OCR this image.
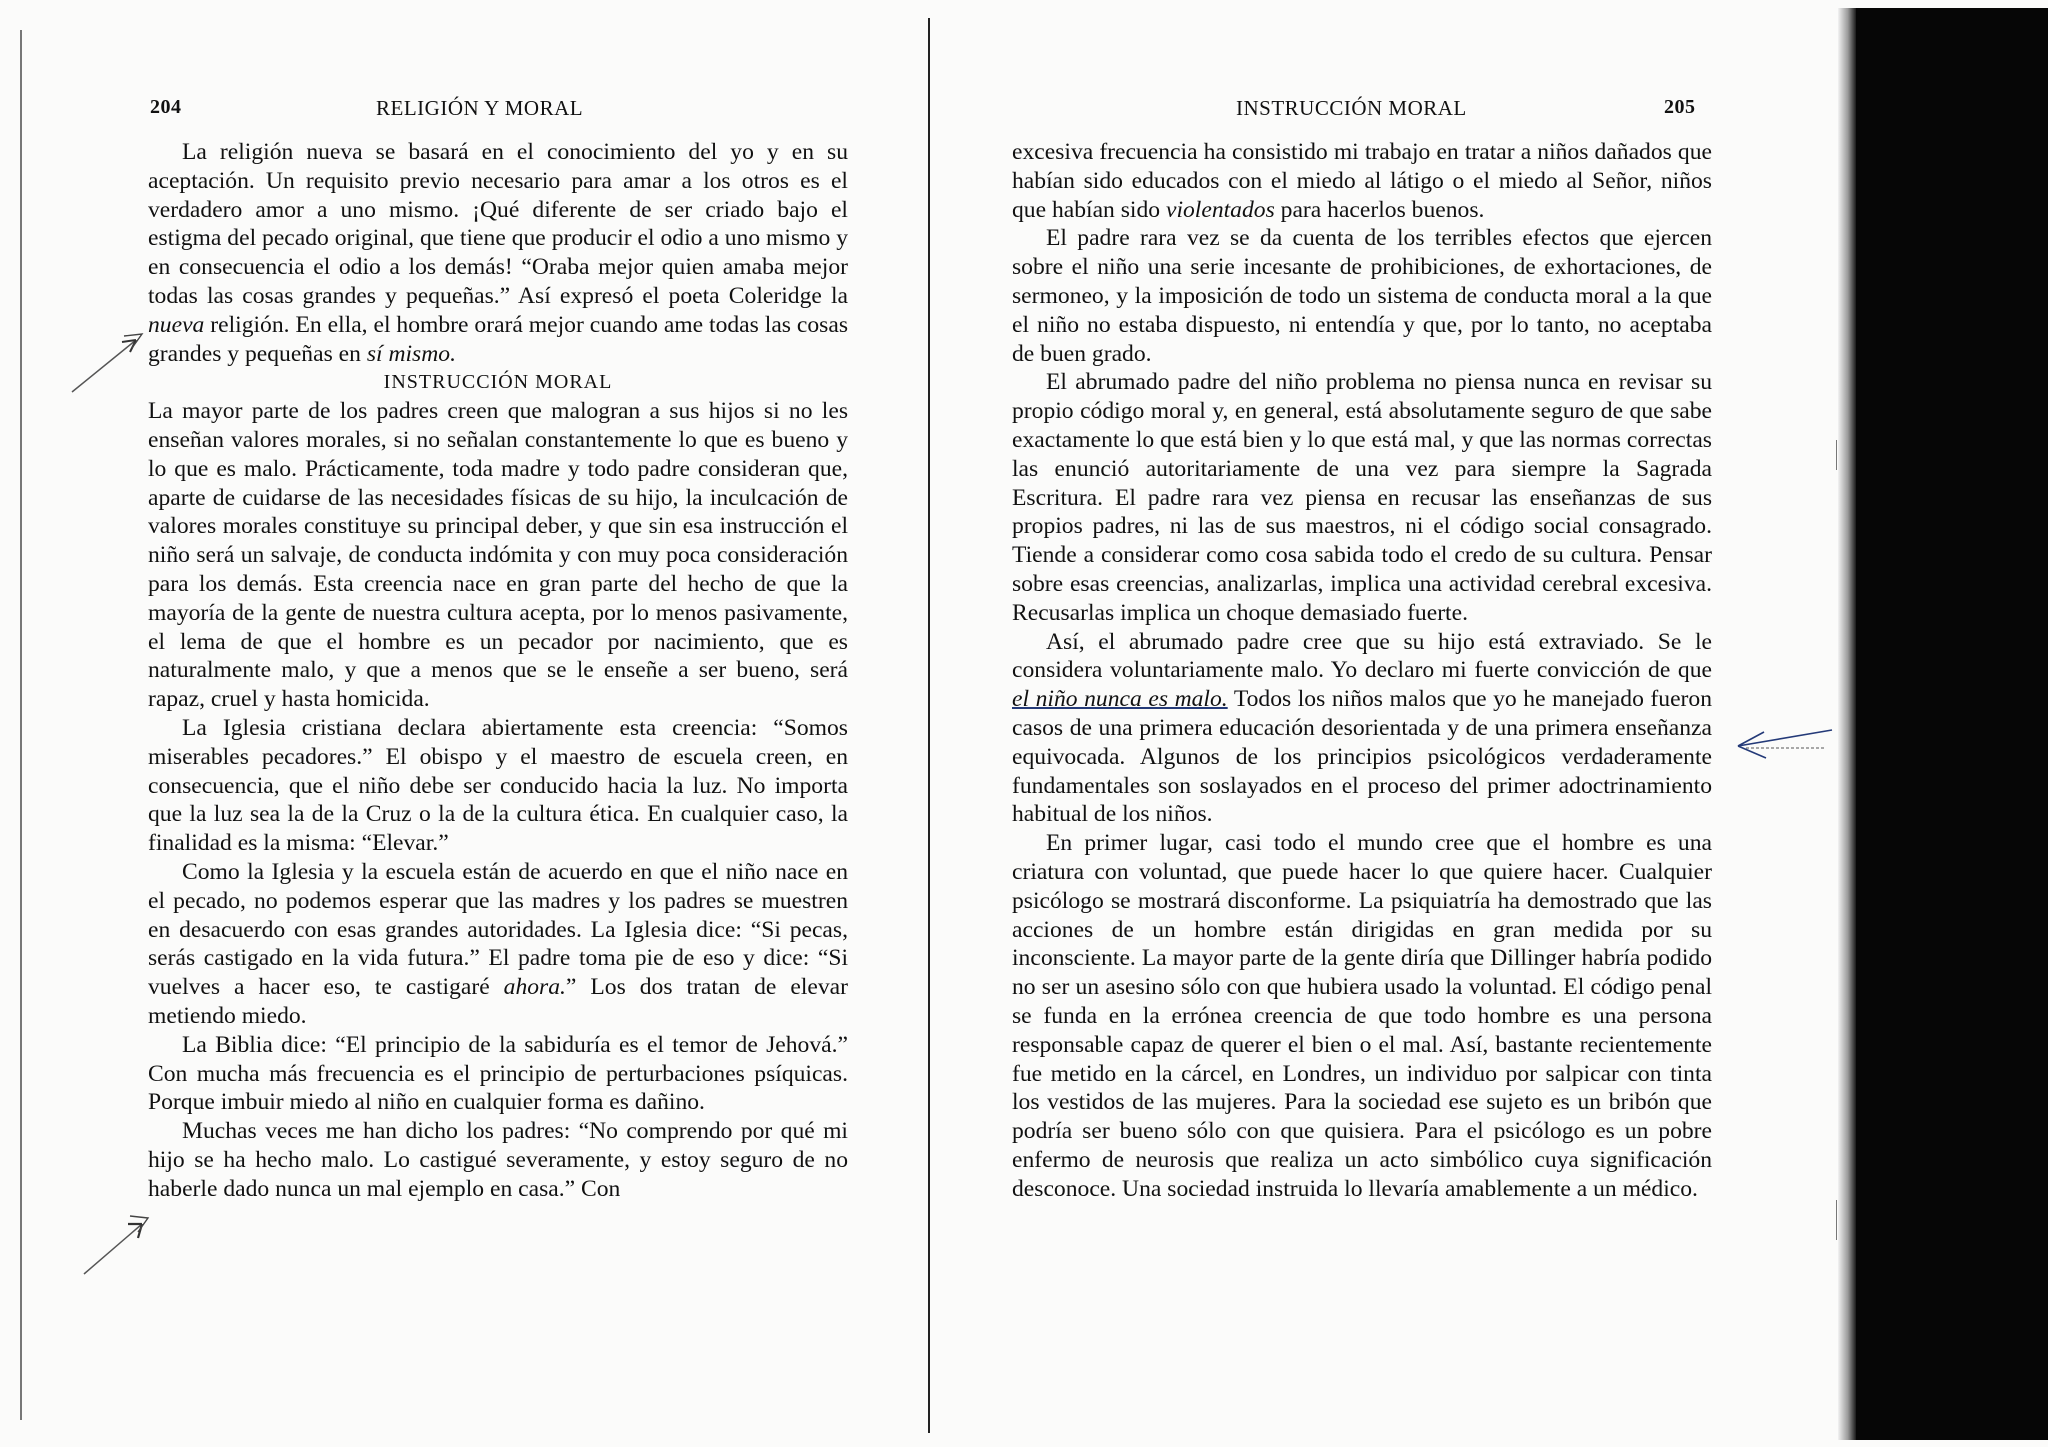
204	RELIGIÓN Y MORAL

La religión nueva se basará en el conocimiento del yo y en su aceptación. Un requisito previo necesario para amar a los otros es el verdadero amor a uno mismo. ¡Qué diferente de ser criado bajo el estigma del pecado original, que tiene que producir el odio a uno mismo y en consecuencia el odio a los demás! “Oraba mejor quien amaba mejor todas las cosas grandes y pequeñas.” Así expresó el poeta Coleridge la nueva religión. En ella, el hombre orará mejor cuando ame todas las cosas grandes y pequeñas en sí mismo.

INSTRUCCIÓN MORAL

La mayor parte de los padres creen que malogran a sus hijos si no les enseñan valores morales, si no señalan constantemente lo que es bueno y lo que es malo. Prácticamente, toda madre y todo padre consideran que, aparte de cuidarse de las necesidades físicas de su hijo, la inculcación de valores morales constituye su principal deber, y que sin esa instrucción el niño será un salvaje, de conducta indómita y con muy poca consideración para los demás. Esta creencia nace en gran parte del hecho de que la mayoría de la gente de nuestra cultura acepta, por lo menos pasivamente, el lema de que el hombre es un pecador por nacimiento, que es naturalmente malo, y que a menos que se le enseñe a ser bueno, será rapaz, cruel y hasta homicida.

La Iglesia cristiana declara abiertamente esta creencia: “Somos miserables pecadores.” El obispo y el maestro de escuela creen, en consecuencia, que el niño debe ser conducido hacia la luz. No importa que la luz sea la de la Cruz o la de la cultura ética. En cualquier caso, la finalidad es la misma: “Elevar.”

Como la Iglesia y la escuela están de acuerdo en que el niño nace en el pecado, no podemos esperar que las madres y los padres se muestren en desacuerdo con esas grandes autoridades. La Iglesia dice: “Si pecas, serás castigado en la vida futura.” El padre toma pie de eso y dice: “Si vuelves a hacer eso, te castigaré ahora.” Los dos tratan de elevar metiendo miedo.

La Biblia dice: “El principio de la sabiduría es el temor de Jehová.” Con mucha más frecuencia es el principio de perturbaciones psíquicas. Porque imbuir miedo al niño en cualquier forma es dañino.

Muchas veces me han dicho los padres: “No comprendo por qué mi hijo se ha hecho malo. Lo castigué severamente, y estoy seguro de no haberle dado nunca un mal ejemplo en casa.” Con

INSTRUCCIÓN MORAL	205

excesiva frecuencia ha consistido mi trabajo en tratar a niños dañados que habían sido educados con el miedo al látigo o el miedo al Señor, niños que habían sido violentados para hacerlos buenos.

El padre rara vez se da cuenta de los terribles efectos que ejercen sobre el niño una serie incesante de prohibiciones, de exhortaciones, de sermoneo, y la imposición de todo un sistema de conducta moral a la que el niño no estaba dispuesto, ni entendía y que, por lo tanto, no aceptaba de buen grado.

El abrumado padre del niño problema no piensa nunca en revisar su propio código moral y, en general, está absolutamente seguro de que sabe exactamente lo que está bien y lo que está mal, y que las normas correctas las enunció autoritariamente de una vez para siempre la Sagrada Escritura. El padre rara vez piensa en recusar las enseñanzas de sus propios padres, ni las de sus maestros, ni el código social consagrado. Tiende a considerar como cosa sabida todo el credo de su cultura. Pensar sobre esas creencias, analizarlas, implica una actividad cerebral excesiva. Recusarlas implica un choque demasiado fuerte.

Así, el abrumado padre cree que su hijo está extraviado. Se le considera voluntariamente malo. Yo declaro mi fuerte convicción de que el niño nunca es malo. Todos los niños malos que yo he manejado fueron casos de una primera educación desorientada y de una primera enseñanza equivocada. Algunos de los principios psicológicos verdaderamente fundamentales son soslayados en el proceso del primer adoctrinamiento habitual de los niños.

En primer lugar, casi todo el mundo cree que el hombre es una criatura con voluntad, que puede hacer lo que quiere hacer. Cualquier psicólogo se mostrará disconforme. La psiquiatría ha demostrado que las acciones de un hombre están dirigidas en gran medida por su inconsciente. La mayor parte de la gente diría que Dillinger habría podido no ser un asesino sólo con que hubiera usado la voluntad. El código penal se funda en la errónea creencia de que todo hombre es una persona responsable capaz de querer el bien o el mal. Así, bastante recientemente fue metido en la cárcel, en Londres, un individuo por salpicar con tinta los vestidos de las mujeres. Para la sociedad ese sujeto es un bribón que podría ser bueno sólo con que quisiera. Para el psicólogo es un pobre enfermo de neurosis que realiza un acto simbólico cuya significación desconoce. Una sociedad instruida lo llevaría amablemente a un médico.
